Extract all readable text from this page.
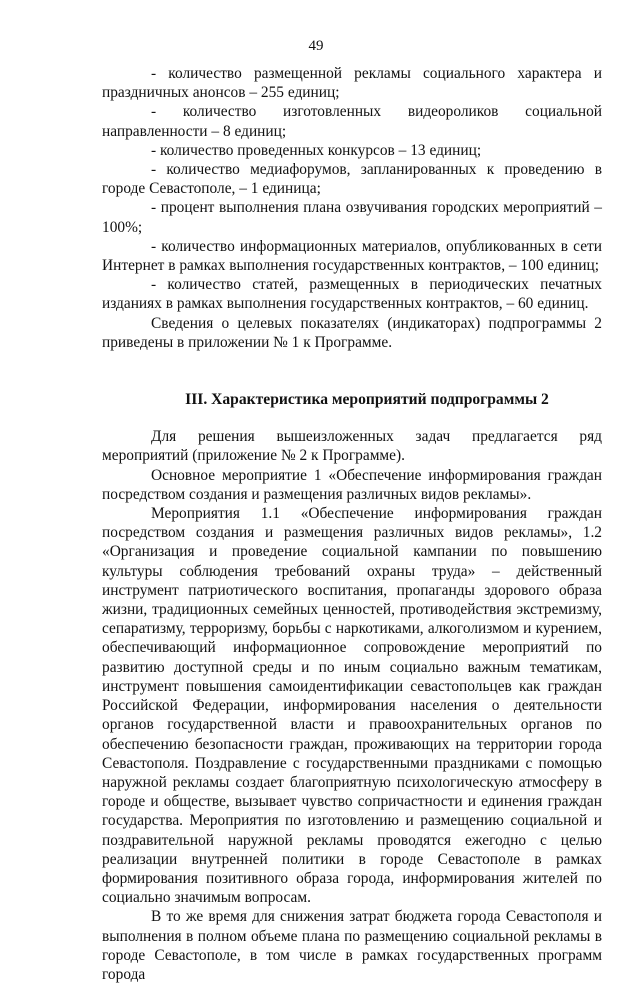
49

- количество размещенной рекламы социального характера и праздничных анонсов – 255 единиц;

- количество изготовленных видеороликов социальной направленности – 8 единиц;

- количество проведенных конкурсов – 13 единиц;

- количество медиафорумов, запланированных к проведению в городе Севастополе, – 1 единица;

- процент выполнения плана озвучивания городских мероприятий – 100%;

- количество информационных материалов, опубликованных в сети Интернет в рамках выполнения государственных контрактов, – 100 единиц;

- количество статей, размещенных в периодических печатных изданиях в рамках выполнения государственных контрактов, – 60 единиц.

Сведения о целевых показателях (индикаторах) подпрограммы 2 приведены в приложении № 1 к Программе.

III. Характеристика мероприятий подпрограммы 2

Для решения вышеизложенных задач предлагается ряд мероприятий (приложение № 2 к Программе).

Основное мероприятие 1 «Обеспечение информирования граждан посредством создания и размещения различных видов рекламы».

Мероприятия 1.1 «Обеспечение информирования граждан посредством создания и размещения различных видов рекламы», 1.2 «Организация и проведение социальной кампании по повышению культуры соблюдения требований охраны труда» – действенный инструмент патриотического воспитания, пропаганды здорового образа жизни, традиционных семейных ценностей, противодействия экстремизму, сепаратизму, терроризму, борьбы с наркотиками, алкоголизмом и курением, обеспечивающий информационное сопровождение мероприятий по развитию доступной среды и по иным социально важным тематикам, инструмент повышения самоидентификации севастопольцев как граждан Российской Федерации, информирования населения о деятельности органов государственной власти и правоохранительных органов по обеспечению безопасности граждан, проживающих на территории города Севастополя. Поздравление с государственными праздниками с помощью наружной рекламы создает благоприятную психологическую атмосферу в городе и обществе, вызывает чувство сопричастности и единения граждан государства. Мероприятия по изготовлению и размещению социальной и поздравительной наружной рекламы проводятся ежегодно с целью реализации внутренней политики в городе Севастополе в рамках формирования позитивного образа города, информирования жителей по социально значимым вопросам.

В то же время для снижения затрат бюджета города Севастополя и выполнения в полном объеме плана по размещению социальной рекламы в городе Севастополе, в том числе в рамках государственных программ города
